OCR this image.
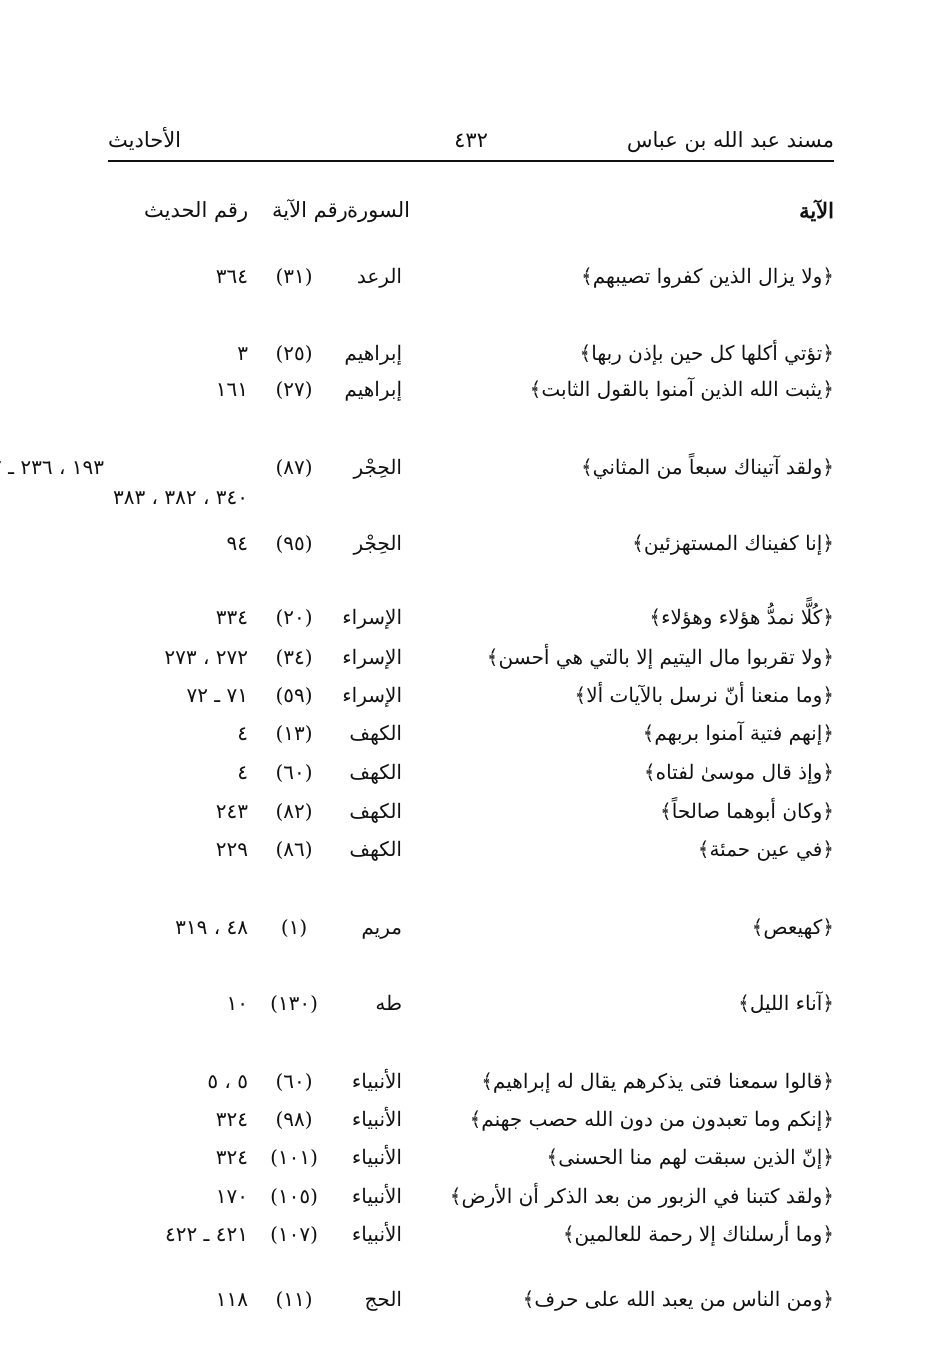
مسند عبد الله بن عباس
٤٣٢
الأحاديث
الآية
السورة
رقم الآية
رقم الحديث
﴿ولا يزال الذين كفروا تصيبهم﴾
الرعد
(٣١)
٣٦٤
﴿تؤتي أكلها كل حين بإذن ربها﴾
إبراهيم
(٢٥)
٣
﴿يثبت الله الذين آمنوا بالقول الثابت﴾
إبراهيم
(٢٧)
١٦١
﴿ولقد آتيناك سبعاً من المثاني﴾
الحِجْر
(٨٧)
١٩٣ ، ٢٣٦ ـ
٣٤٠ ، ٣٨٢ ، ٣٨٣
﴿إنا كفيناك المستهزئين﴾
الحِجْر
(٩٥)
٩٤
﴿كُلًّا نمدُّ هؤلاء وهؤلاء﴾
الإسراء
(٢٠)
٣٣٤
﴿ولا تقربوا مال اليتيم إلا بالتي هي أحسن﴾
الإسراء
(٣٤)
٢٧٢ ، ٢٧٣
﴿وما منعنا أنّ نرسل بالآيات ألا﴾
الإسراء
(٥٩)
٧١ ـ ٧٢
﴿إنهم فتية آمنوا بربهم﴾
الكهف
(١٣)
٤
﴿وإذ قال موسىٰ لفتاه﴾
الكهف
(٦٠)
٤
﴿وكان أبوهما صالحاً﴾
الكهف
(٨٢)
٢٤٣
﴿في عين حمئة﴾
الكهف
(٨٦)
٢٢٩
﴿كهيعص﴾
مريم
(١)
٤٨ ، ٣١٩
﴿آناء الليل﴾
طه
(١٣٠)
١٠
﴿قالوا سمعنا فتى يذكرهم يقال له إبراهيم﴾
الأنبياء
(٦٠)
٥ ، ٥
﴿إنكم وما تعبدون من دون الله حصب جهنم﴾
الأنبياء
(٩٨)
٣٢٤
﴿إنّ الذين سبقت لهم منا الحسنى﴾
الأنبياء
(١٠١)
٣٢٤
﴿ولقد كتبنا في الزبور من بعد الذكر أن الأرض﴾
الأنبياء
(١٠٥)
١٧٠
﴿وما أرسلناك إلا رحمة للعالمين﴾
الأنبياء
(١٠٧)
٤٢١ ـ ٤٢٢
﴿ومن الناس من يعبد الله على حرف﴾
الحج
(١١)
١١٨
